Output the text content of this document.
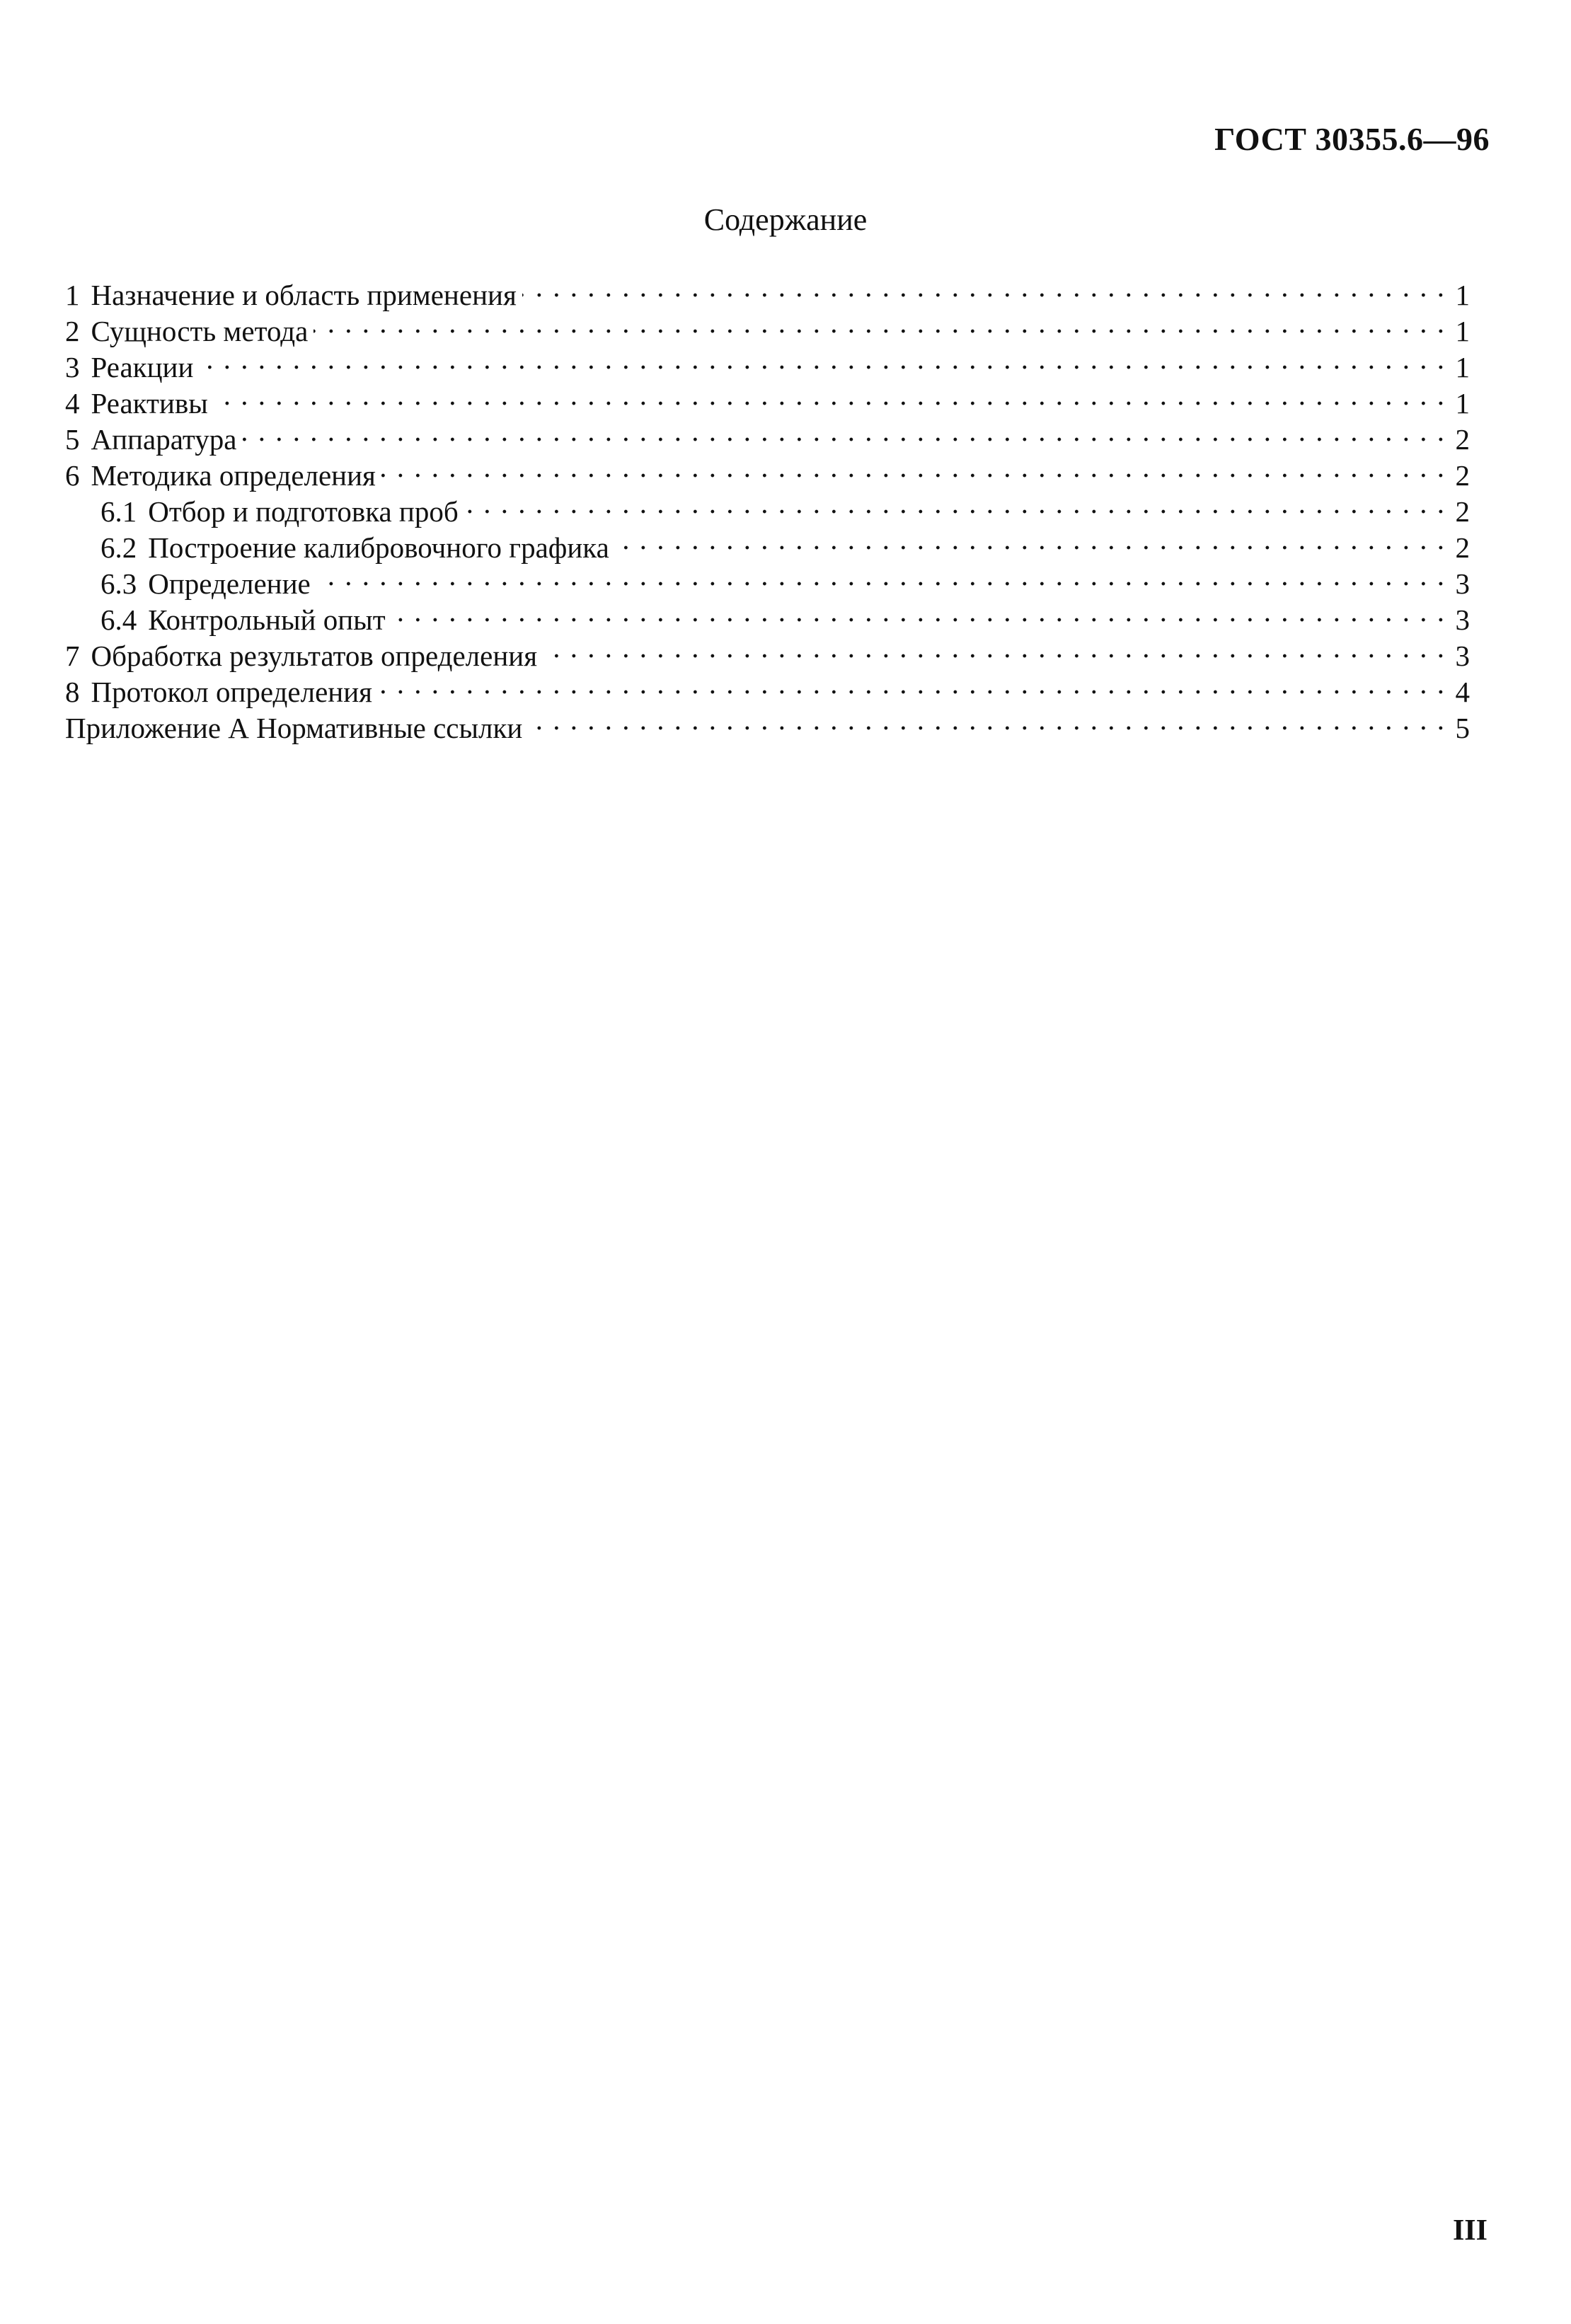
ГОСТ 30355.6—96
Содержание
1 Назначение и область применения . . .	1
2 Сущность метода . . .	1
3 Реакции . . .	1
4 Реактивы . . .	1
5 Аппаратура . . .	2
6 Методика определения . . .	2
6.1 Отбор и подготовка проб . . .	2
6.2 Построение калибровочного графика . . .	2
6.3 Определение . . .	3
6.4 Контрольный опыт . . .	3
7 Обработка результатов определения . . .	3
8 Протокол определения . . .	4
Приложение А Нормативные ссылки . . .	5
III
